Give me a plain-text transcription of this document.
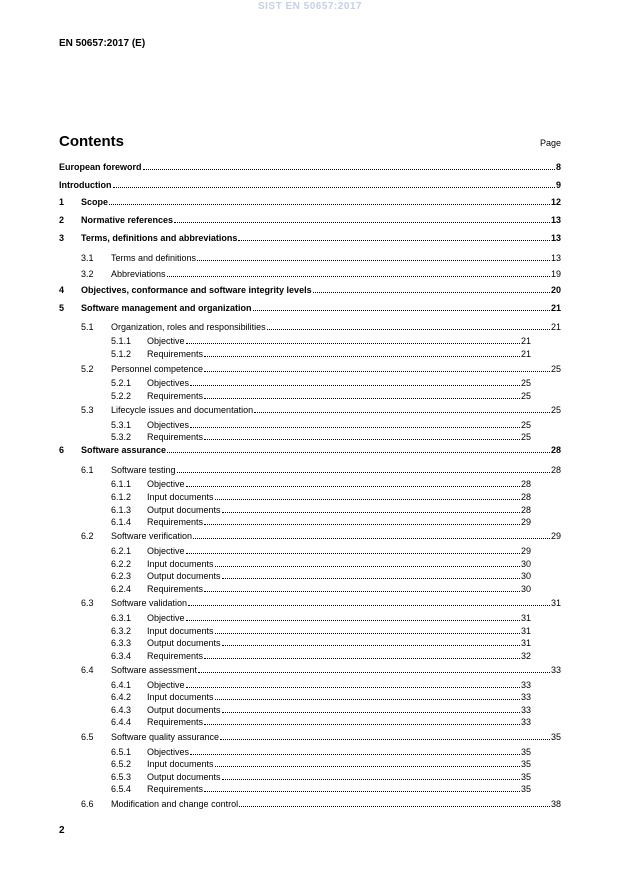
SIST EN 50657:2017
EN 50657:2017 (E)
Contents	Page
European foreword	8
Introduction	9
1	Scope	12
2	Normative references	13
3	Terms, definitions and abbreviations	13
3.1	Terms and definitions	13
3.2	Abbreviations	19
4	Objectives, conformance and software integrity levels	20
5	Software management and organization	21
5.1	Organization, roles and responsibilities	21
5.1.1	Objective	21
5.1.2	Requirements	21
5.2	Personnel competence	25
5.2.1	Objectives	25
5.2.2	Requirements	25
5.3	Lifecycle issues and documentation	25
5.3.1	Objectives	25
5.3.2	Requirements	25
6	Software assurance	28
6.1	Software testing	28
6.1.1	Objective	28
6.1.2	Input documents	28
6.1.3	Output documents	28
6.1.4	Requirements	29
6.2	Software verification	29
6.2.1	Objective	29
6.2.2	Input documents	30
6.2.3	Output documents	30
6.2.4	Requirements	30
6.3	Software validation	31
6.3.1	Objective	31
6.3.2	Input documents	31
6.3.3	Output documents	31
6.3.4	Requirements	32
6.4	Software assessment	33
6.4.1	Objective	33
6.4.2	Input documents	33
6.4.3	Output documents	33
6.4.4	Requirements	33
6.5	Software quality assurance	35
6.5.1	Objectives	35
6.5.2	Input documents	35
6.5.3	Output documents	35
6.5.4	Requirements	35
6.6	Modification and change control	38
2
